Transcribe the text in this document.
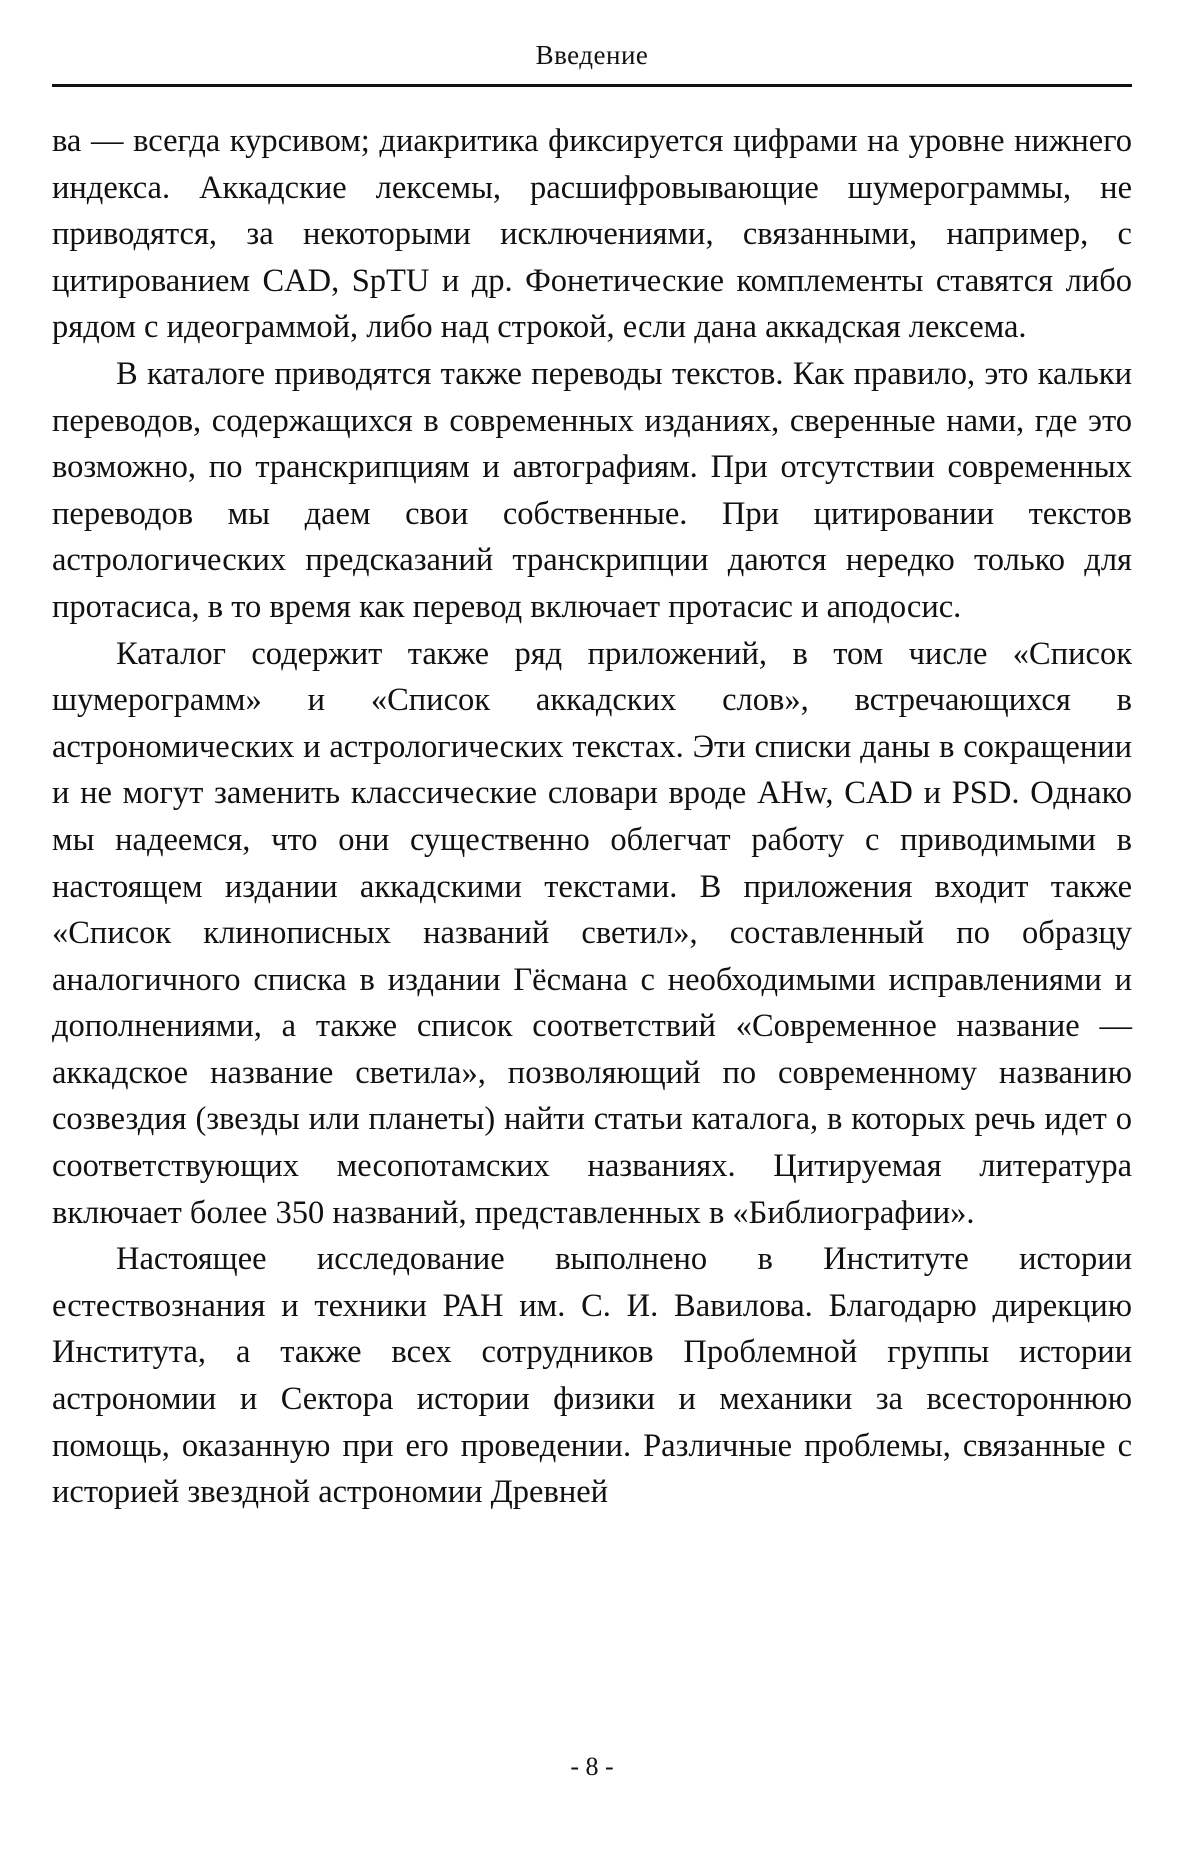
Введение

ва — всегда курсивом; диакритика фиксируется цифрами на уровне нижнего индекса. Аккадские лексемы, расшифровывающие шумерограммы, не приводятся, за некоторыми исключениями, связанными, например, с цитированием CAD, SpTU и др. Фонетические комплементы ставятся либо рядом с идеограммой, либо над строкой, если дана аккадская лексема.

В каталоге приводятся также переводы текстов. Как правило, это кальки переводов, содержащихся в современных изданиях, сверенные нами, где это возможно, по транскрипциям и автографиям. При отсутствии современных переводов мы даем свои собственные. При цитировании текстов астрологических предсказаний транскрипции даются нередко только для протасиса, в то время как перевод включает протасис и аподосис.

Каталог содержит также ряд приложений, в том числе «Список шумерограмм» и «Список аккадских слов», встречающихся в астрономических и астрологических текстах. Эти списки даны в сокращении и не могут заменить классические словари вроде AHw, CAD и PSD. Однако мы надеемся, что они существенно облегчат работу с приводимыми в настоящем издании аккадскими текстами. В приложения входит также «Список клинописных названий светил», составленный по образцу аналогичного списка в издании Гёсмана с необходимыми исправлениями и дополнениями, а также список соответствий «Современное название — аккадское название светила», позволяющий по современному названию созвездия (звезды или планеты) найти статьи каталога, в которых речь идет о соответствующих месопотамских названиях. Цитируемая литература включает более 350 названий, представленных в «Библиографии».

Настоящее исследование выполнено в Институте истории естествознания и техники РАН им. С. И. Вавилова. Благодарю дирекцию Института, а также всех сотрудников Проблемной группы истории астрономии и Сектора истории физики и механики за всестороннюю помощь, оказанную при его проведении. Различные проблемы, связанные с историей звездной астрономии Древней

- 8 -
